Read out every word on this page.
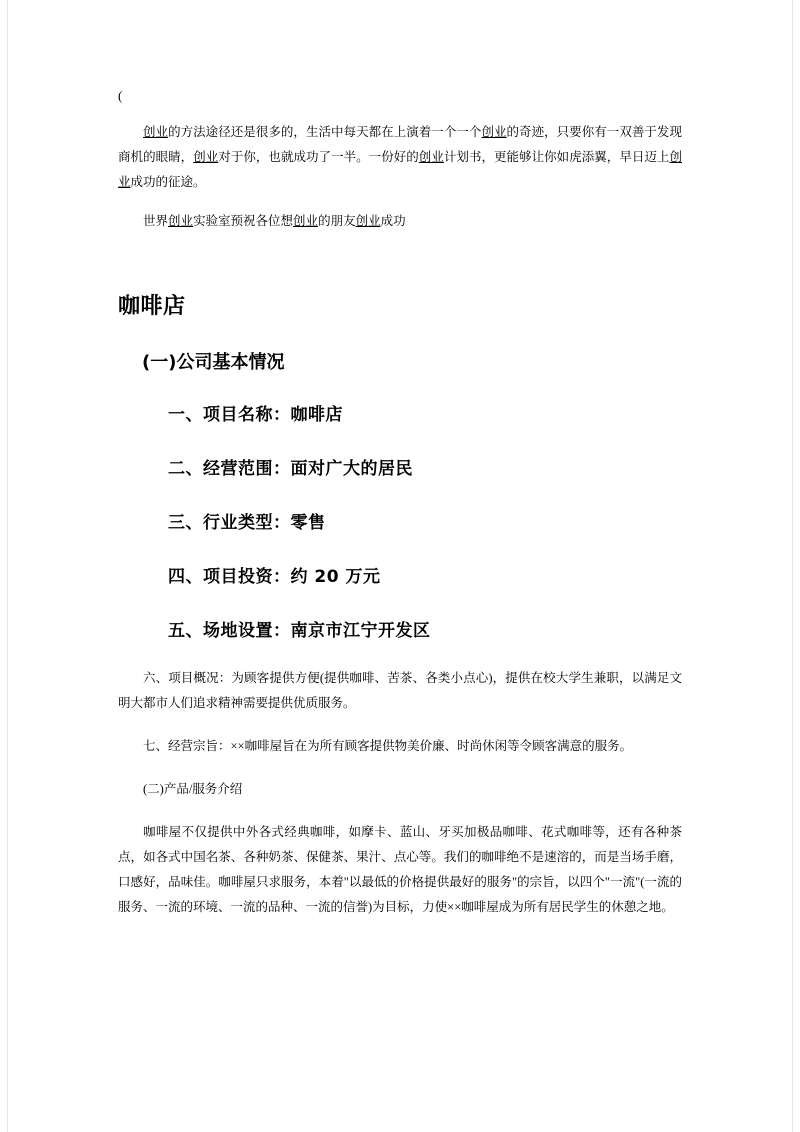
(

创业的方法途径还是很多的，生活中每天都在上演着一个一个创业的奇迹，只要你有一双善于发现商机的眼睛，创业对于你，也就成功了一半。一份好的创业计划书，更能够让你如虎添翼，早日迈上创业成功的征途。

世界创业实验室预祝各位想创业的朋友创业成功

咖啡店
(一)公司基本情况
一、项目名称：咖啡店
二、经营范围：面对广大的居民
三、行业类型：零售
四、项目投资：约 20 万元
五、场地设置：南京市江宁开发区

六、项目概况：为顾客提供方便(提供咖啡、苦茶、各类小点心)，提供在校大学生兼职，以满足文明大都市人们追求精神需要提供优质服务。

七、经营宗旨：××咖啡屋旨在为所有顾客提供物美价廉、时尚休闲等令顾客满意的服务。

(二)产品/服务介绍

咖啡屋不仅提供中外各式经典咖啡，如摩卡、蓝山、牙买加极品咖啡、花式咖啡等，还有各种茶点，如各式中国名茶、各种奶茶、保健茶、果汁、点心等。我们的咖啡绝不是速溶的，而是当场手磨，口感好，品味佳。咖啡屋只求服务，本着"以最低的价格提供最好的服务"的宗旨，以四个"一流"(一流的服务、一流的环境、一流的品种、一流的信誉)为目标，力使××咖啡屋成为所有居民学生的休憩之地。
